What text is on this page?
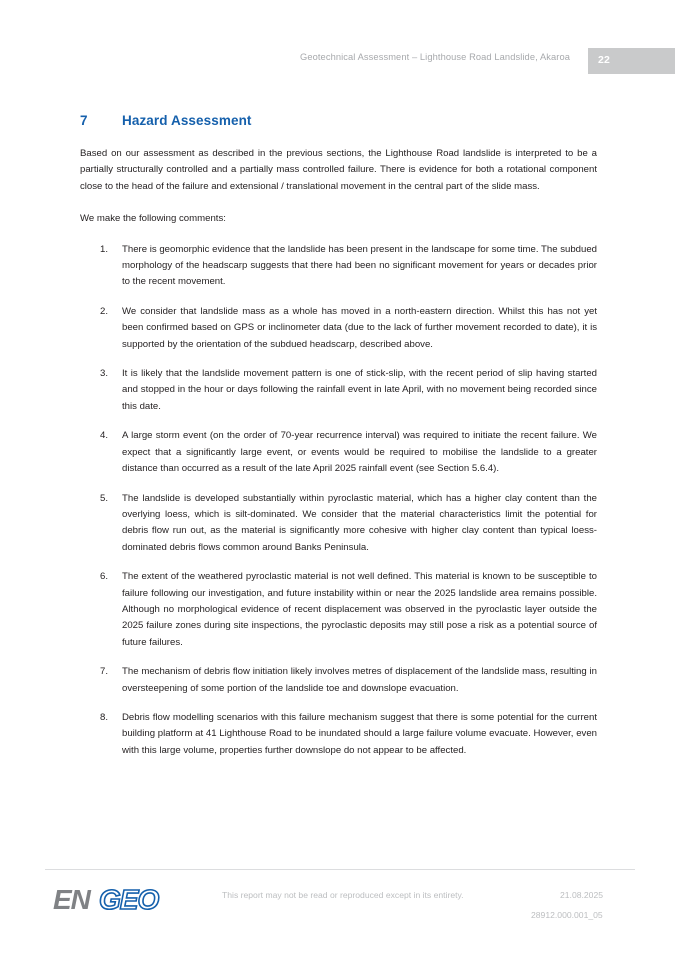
Geotechnical Assessment – Lighthouse Road Landslide, Akaroa	22
7	Hazard Assessment

Based on our assessment as described in the previous sections, the Lighthouse Road landslide is interpreted to be a partially structurally controlled and a partially mass controlled failure. There is evidence for both a rotational component close to the head of the failure and extensional / translational movement in the central part of the slide mass.

We make the following comments:

1.	There is geomorphic evidence that the landslide has been present in the landscape for some time. The subdued morphology of the headscarp suggests that there had been no significant movement for years or decades prior to the recent movement.
2.	We consider that landslide mass as a whole has moved in a north-eastern direction. Whilst this has not yet been confirmed based on GPS or inclinometer data (due to the lack of further movement recorded to date), it is supported by the orientation of the subdued headscarp, described above.
3.	It is likely that the landslide movement pattern is one of stick-slip, with the recent period of slip having started and stopped in the hour or days following the rainfall event in late April, with no movement being recorded since this date.
4.	A large storm event (on the order of 70-year recurrence interval) was required to initiate the recent failure. We expect that a significantly large event, or events would be required to mobilise the landslide to a greater distance than occurred as a result of the late April 2025 rainfall event (see Section 5.6.4).
5.	The landslide is developed substantially within pyroclastic material, which has a higher clay content than the overlying loess, which is silt-dominated. We consider that the material characteristics limit the potential for debris flow run out, as the material is significantly more cohesive with higher clay content than typical loess-dominated debris flows common around Banks Peninsula.
6.	The extent of the weathered pyroclastic material is not well defined. This material is known to be susceptible to failure following our investigation, and future instability within or near the 2025 landslide area remains possible. Although no morphological evidence of recent displacement was observed in the pyroclastic layer outside the 2025 failure zones during site inspections, the pyroclastic deposits may still pose a risk as a potential source of future failures.
7.	The mechanism of debris flow initiation likely involves metres of displacement of the landslide mass, resulting in oversteepening of some portion of the landslide toe and downslope evacuation.
8.	Debris flow modelling scenarios with this failure mechanism suggest that there is some potential for the current building platform at 41 Lighthouse Road to be inundated should a large failure volume evacuate. However, even with this large volume, properties further downslope do not appear to be affected.
EN GEO	This report may not be read or reproduced except in its entirety.	21.08.2025
28912.000.001_05
